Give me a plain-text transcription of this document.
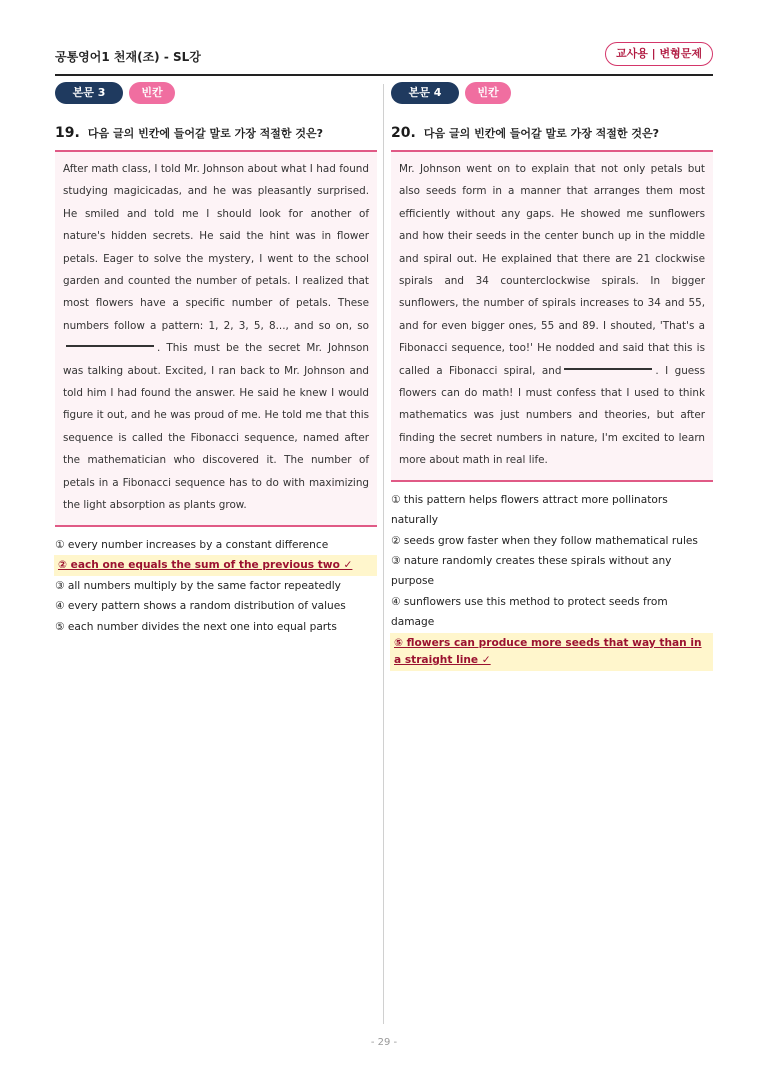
공통영어1 천재(조) - SL강	교사용 | 변형문제
본문 3	빈칸
19. 다음 글의 빈칸에 들어갈 말로 가장 적절한 것은?
After math class, I told Mr. Johnson about what I had found studying magicicadas, and he was pleasantly surprised. He smiled and told me I should look for another of nature's hidden secrets. He said the hint was in flower petals. Eager to solve the mystery, I went to the school garden and counted the number of petals. I realized that most flowers have a specific number of petals. These numbers follow a pattern: 1, 2, 3, 5, 8..., and so on, so. This must be the secret Mr. Johnson was talking about. Excited, I ran back to Mr. Johnson and told him I had found the answer. He said he knew I would figure it out, and he was proud of me. He told me that this sequence is called the Fibonacci sequence, named after the mathematician who discovered it. The number of petals in a Fibonacci sequence has to do with maximizing the light absorption as plants grow.
① every number increases by a constant difference
② each one equals the sum of the previous two ✓
③ all numbers multiply by the same factor repeatedly
④ every pattern shows a random distribution of values
⑤ each number divides the next one into equal parts
본문 4	빈칸
20. 다음 글의 빈칸에 들어갈 말로 가장 적절한 것은?
Mr. Johnson went on to explain that not only petals but also seeds form in a manner that arranges them most efficiently without any gaps. He showed me sunflowers and how their seeds in the center bunch up in the middle and spiral out. He explained that there are 21 clockwise spirals and 34 counterclockwise spirals. In bigger sunflowers, the number of spirals increases to 34 and 55, and for even bigger ones, 55 and 89. I shouted, 'That's a Fibonacci sequence, too!' He nodded and said that this is called a Fibonacci spiral, and	. I guess flowers can do math! I must confess that I used to think mathematics was just numbers and theories, but after finding the secret numbers in nature, I'm excited to learn more about math in real life.
① this pattern helps flowers attract more pollinators naturally
② seeds grow faster when they follow mathematical rules
③ nature randomly creates these spirals without any purpose
④ sunflowers use this method to protect seeds from damage
⑤ flowers can produce more seeds that way than in a straight line ✓
- 29 -
